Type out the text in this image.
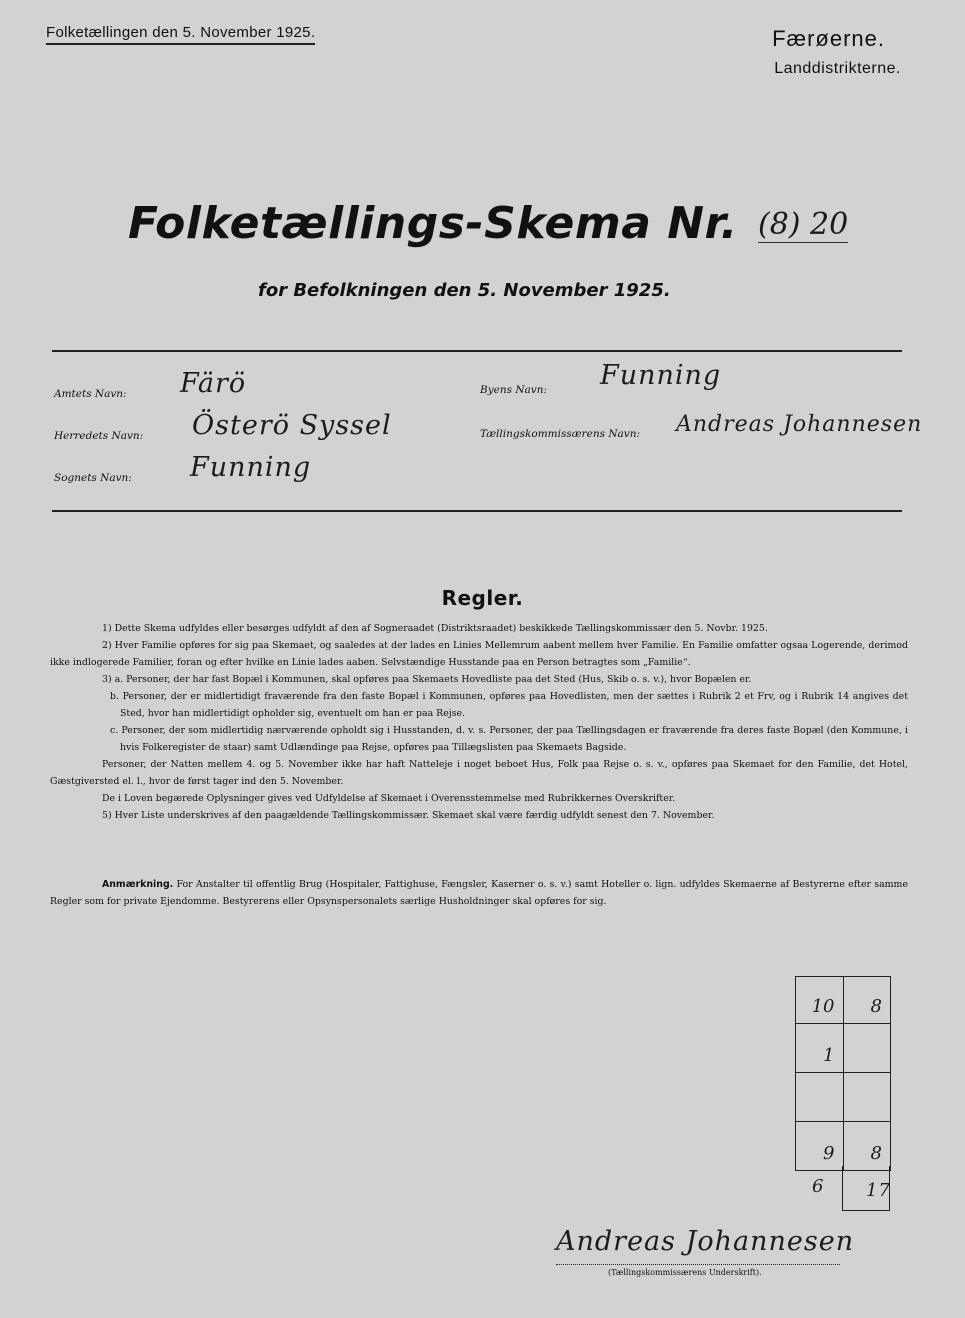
Folketællingen den 5. November 1925.	Færøerne.
Landdistrikterne.
Folketællings-Skema Nr. (8) 20
for Befolkningen den 5. November 1925.
Amtets Navn: Färö
Herredets Navn: Österö Syssel
Sognets Navn: Funning
Byens Navn: Funning
Tællingskommissærens Navn: Andreas Johannesen
Regler.

1) Dette Skema udfyldes eller besørges udfyldt af den af Sogneraadet (Distriktsraadet) beskikkede Tællingskommissær den 5. Novbr. 1925.

2) Hver Familie opføres for sig paa Skemaet, og saaledes at der lades en Linies Mellemrum aabent mellem hver Familie. En Familie omfatter ogsaa Logerende, derimod ikke indlogerede Familier, foran og efter hvilke en Linie lades aaben. Selvstændige Husstande paa en Person betragtes som „Familie“.

3) a. Personer, der har fast Bopæl i Kommunen, skal opføres paa Skemaets Hovedliste paa det Sted (Hus, Skib o. s. v.), hvor Bopælen er.

b. Personer, der er midlertidigt fraværende fra den faste Bopæl i Kommunen, opføres paa Hovedlisten, men der sættes i Rubrik 2 et Frv, og i Rubrik 14 angives det Sted, hvor han midlertidigt opholder sig, eventuelt om han er paa Rejse.

c. Personer, der som midlertidig nærværende opholdt sig i Husstanden, d. v. s. Personer, der paa Tællingsdagen er fraværende fra deres faste Bopæl (den Kommune, i hvis Folkeregister de staar) samt Udlændinge paa Rejse, opføres paa Tillægslisten paa Skemaets Bagside.

Personer, der Natten mellem 4. og 5. November ikke har haft Natteleje i noget beboet Hus, Folk paa Rejse o. s. v., opføres paa Skemaet for den Familie, det Hotel, Gæstgiversted el. l., hvor de først tager ind den 5. November.

De i Loven begærede Oplysninger gives ved Udfyldelse af Skemaet i Overensstemmelse med Rubrikkernes Overskrifter.

5) Hver Liste underskrives af den paagældende Tællingskommissær. Skemaet skal være færdig udfyldt senest den 7. November.

Anmærkning. For Anstalter til offentlig Brug (Hospitaler, Fattighuse, Fængsler, Kaserner o. s. v.) samt Hoteller o. lign. udfyldes Skemaerne af Bestyrerne efter samme Regler som for private Ejendomme. Bestyrerens eller Opsynspersonalets særlige Husholdninger skal opføres for sig.
10 8
1
9 8
6 17
Andreas Johannesen
(Tællingskommissærens Underskrift).
